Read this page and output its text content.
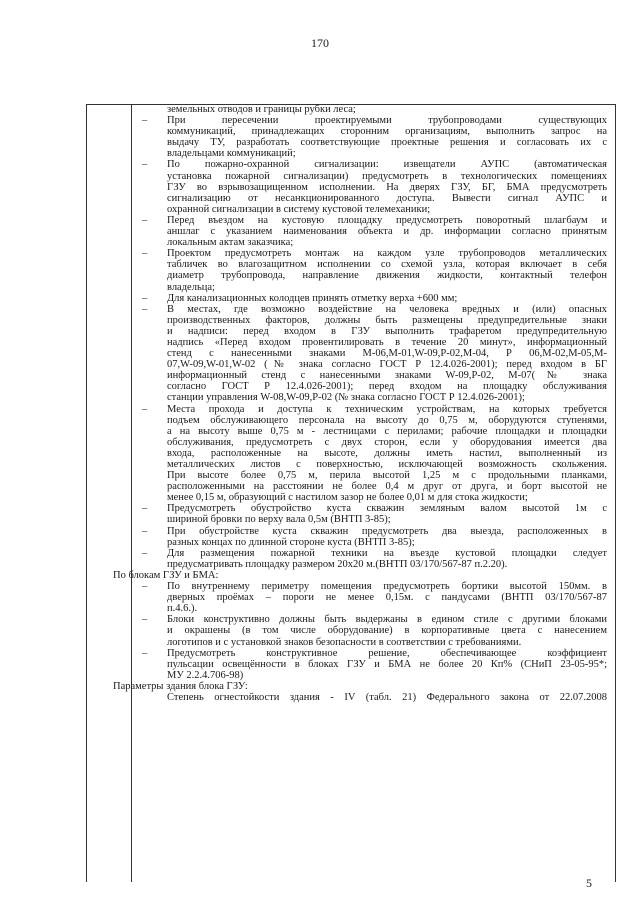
170
земельных отводов и границы рубки леса;
– При пересечении проектируемыми трубопроводами существующих
коммуникаций, принадлежащих сторонним организациям, выполнить запрос на
выдачу ТУ, разработать соответствующие проектные решения и согласовать их с
владельцами коммуникаций;
– По пожарно-охранной сигнализации: извещатели АУПС (автоматическая
установка пожарной сигнализации) предусмотреть в технологических помещениях
ГЗУ во взрывозащищенном исполнении. На дверях ГЗУ, БГ, БМА предусмотреть
сигнализацию от несанкционированного доступа. Вывести сигнал АУПС и
охранной сигнализации в систему кустовой телемеханики;
– Перед въездом на кустовую площадку предусмотреть поворотный шлагбаум и
аншлаг с указанием наименования объекта и др. информации согласно принятым
локальным актам заказчика;
– Проектом предусмотреть монтаж на каждом узле трубопроводов металлических
табличек во влагозащитном исполнении со схемой узла, которая включает в себя
диаметр трубопровода, направление движения жидкости, контактный телефон
владельца;
– Для канализационных колодцев принять отметку верха +600 мм;
– В местах, где возможно воздействие на человека вредных и (или) опасных
производственных факторов, должны быть размещены предупредительные знаки
и надписи: перед входом в ГЗУ выполнить трафаретом предупредительную
надпись «Перед входом провентилировать в течение 20 минут», информационный
стенд с нанесенными знаками М-06,М-01,W-09,Р-02,М-04, Р 06,М-02,М-05,М-
07,W-09,W-01,W-02 (№ знака согласно ГОСТ Р 12.4.026-2001); перед входом в БГ
информационный стенд с нанесенными знаками W-09,Р-02, М-07(№ знака
согласно ГОСТ Р 12.4.026-2001); перед входом на площадку обслуживания
станции управления W-08,W-09,Р-02 (№ знака согласно ГОСТ Р 12.4.026-2001);
– Места прохода и доступа к техническим устройствам, на которых требуется
подъем обслуживающего персонала на высоту до 0,75 м, оборудуются ступенями,
а на высоту выше 0,75 м - лестницами с перилами; рабочие площадки и площадки
обслуживания, предусмотреть с двух сторон, если у оборудования имеется два
входа, расположенные на высоте, должны иметь настил, выполненный из
металлических листов с поверхностью, исключающей возможность скольжения.
При высоте более 0,75 м, перила высотой 1,25 м с продольными планками,
расположенными на расстоянии не более 0,4 м друг от друга, и борт высотой не
менее 0,15 м, образующий с настилом зазор не более 0,01 м для стока жидкости;
– Предусмотреть обустройство куста скважин земляным валом высотой 1м с
шириной бровки по верху вала 0,5м (ВНТП 3-85);
– При обустройстве куста скважин предусмотреть два выезда, расположенных в
разных концах по длинной стороне куста (ВНТП 3-85);
– Для размещения пожарной техники на въезде кустовой площадки следует
предусматривать площадку размером 20х20 м.(ВНТП 03/170/567-87 п.2.20).
По блокам ГЗУ и БМА:
– По внутреннему периметру помещения предусмотреть бортики высотой 150мм. в
дверных проёмах – пороги не менее 0,15м. с пандусами (ВНТП 03/170/567-87
п.4.6.).
– Блоки конструктивно должны быть выдержаны в едином стиле с другими блоками
и окрашены (в том числе оборудование) в корпоративные цвета с нанесением
логотипов и с установкой знаков безопасности в соответствии с требованиями.
– Предусмотреть конструктивное решение, обеспечивающее коэффициент
пульсации освещённости в блоках ГЗУ и БМА не более 20 Кп% (СНиП 23-05-95*;
МУ 2.2.4.706-98)
Параметры здания блока ГЗУ:
Степень огнестойкости здания - IV (табл. 21) Федерального закона от 22.07.2008
5
